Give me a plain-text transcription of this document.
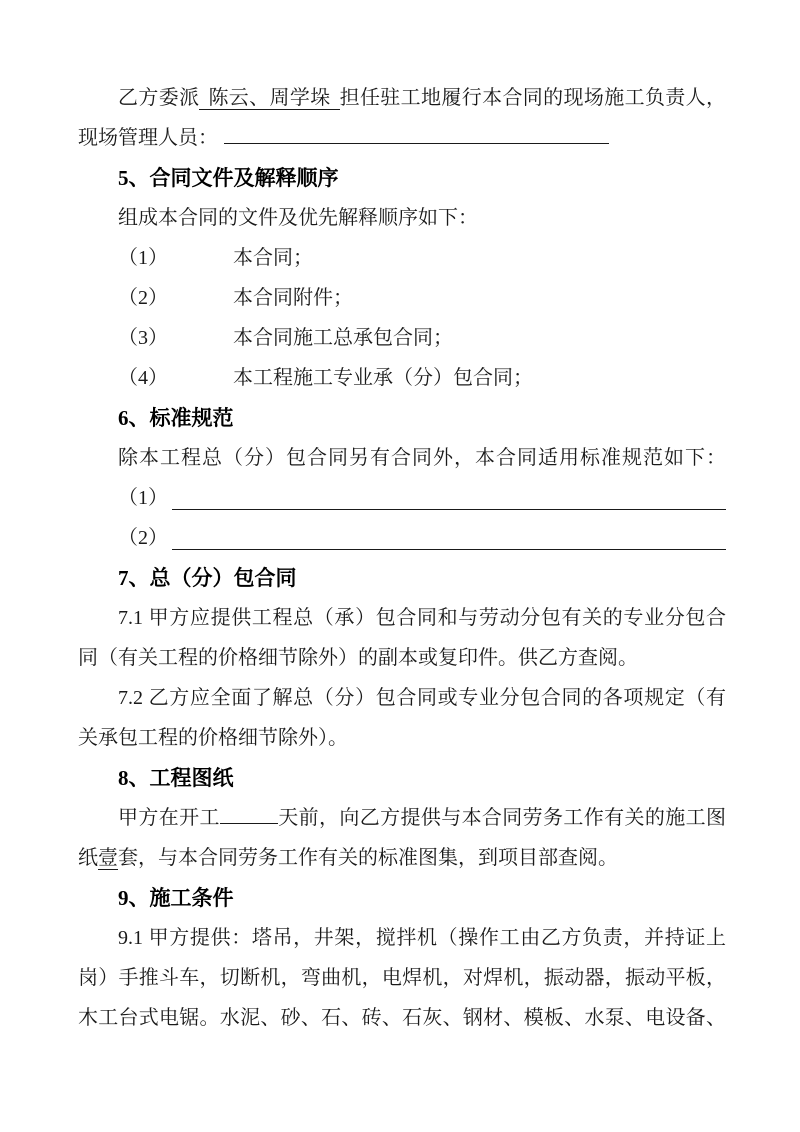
乙方委派 陈云、周学垛 担任驻工地履行本合同的现场施工负责人，
现场管理人员：
5、合同文件及解释顺序
组成本合同的文件及优先解释顺序如下：
（1）	本合同；
（2）	本合同附件；
（3）	本合同施工总承包合同；
（4）	本工程施工专业承（分）包合同；
6、标准规范
除本工程总（分）包合同另有合同外，本合同适用标准规范如下：
（1）
（2）
7、总（分）包合同
7.1 甲方应提供工程总（承）包合同和与劳动分包有关的专业分包合
同（有关工程的价格细节除外）的副本或复印件。供乙方查阅。
7.2 乙方应全面了解总（分）包合同或专业分包合同的各项规定（有
关承包工程的价格细节除外）。
8、工程图纸
甲方在开工	天前，向乙方提供与本合同劳务工作有关的施工图
纸壹套，与本合同劳务工作有关的标准图集，到项目部查阅。
9、施工条件
9.1 甲方提供：塔吊，井架，搅拌机（操作工由乙方负责，并持证上
岗）手推斗车，切断机，弯曲机，电焊机，对焊机，振动器，振动平板，
木工台式电锯。水泥、砂、石、砖、石灰、钢材、模板、水泵、电设备、
